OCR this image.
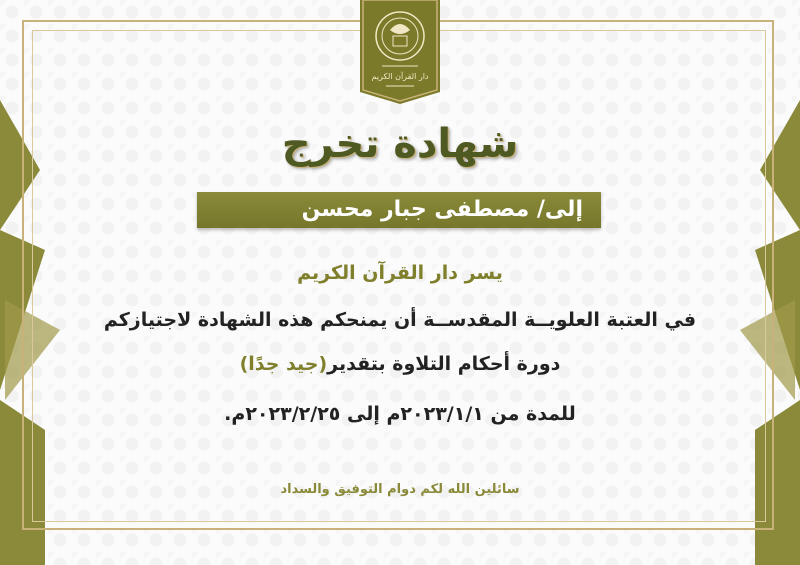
دار القرآن الكريم
شهادة تخرج
إلى/ مصطفى جبار محسن
يسر دار القرآن الكريم
في العتبة العلويــة المقدســة أن يمنحكم هذه الشهادة لاجتيازكم
دورة أحكام التلاوة بتقدير(جيد جدًا)
للمدة من ٢٠٢٣/١/١م إلى ٢٠٢٣/٢/٢٥م.
سائلين الله لكم دوام التوفيق والسداد
